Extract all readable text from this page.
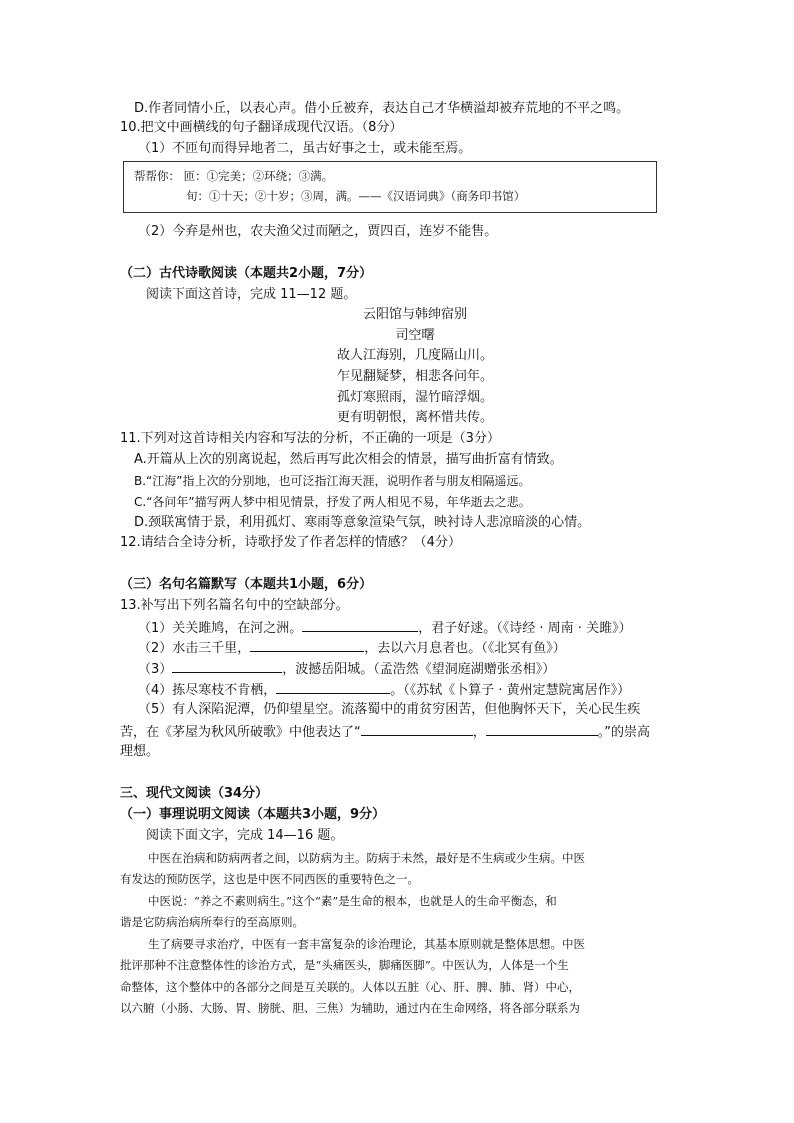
D.作者同情小丘，以表心声。借小丘被弃，表达自己才华横溢却被弃荒地的不平之鸣。
10.把文中画横线的句子翻译成现代汉语。（8分）
（1）不匝旬而得异地者二，虽古好事之士，或未能至焉。
帮帮你： 匝：①完美；②环绕；③满。
旬：①十天；②十岁；③周，满。——《汉语词典》（商务印书馆）
（2）今弃是州也，农夫渔父过而陋之，贾四百，连岁不能售。
（二）古代诗歌阅读（本题共2小题，7分）
阅读下面这首诗，完成 11—12 题。
云阳馆与韩绅宿别
司空曙
故人江海别，几度隔山川。
乍见翻疑梦，相悲各问年。
孤灯寒照雨，湿竹暗浮烟。
更有明朝恨，离杯惜共传。
11.下列对这首诗相关内容和写法的分析，不正确的一项是（3分）
A.开篇从上次的别离说起，然后再写此次相会的情景，描写曲折富有情致。
B.“江海”指上次的分别地，也可泛指江海天涯，说明作者与朋友相隔遥远。
C.“各问年”描写两人梦中相见情景，抒发了两人相见不易，年华逝去之悲。
D.颈联寓情于景，利用孤灯、寒雨等意象渲染气氛，映衬诗人悲凉暗淡的心情。
12.请结合全诗分析，诗歌抒发了作者怎样的情感？（4分）
（三）名句名篇默写（本题共1小题，6分）
13.补写出下列名篇名句中的空缺部分。
（1）关关雎鸠，在河之洲。	，君子好逑。（《诗经 · 周南 · 关雎》）
（2）水击三千里，	，去以六月息者也。（《北冥有鱼》）
（3）	，波撼岳阳城。（孟浩然《望洞庭湖赠张丞相》）
（4）拣尽寒枝不肯栖，	。（《苏轼《卜算子 · 黄州定慧院寓居作》）
（5）有人深陷泥潭，仍仰望星空。流落蜀中的甫贫穷困苦，但他胸怀天下，关心民生疾
苦，在《茅屋为秋风所破歌》中他表达了“	，	。”的崇高
理想。
三、现代文阅读（34分）
（一）事理说明文阅读（本题共3小题，9分）
阅读下面文字，完成 14—16 题。
中医在治病和防病两者之间，以防病为主。防病于未然，最好是不生病或少生病。中医
有发达的预防医学，这也是中医不同西医的重要特色之一。
中医说：“养之不素则病生。”这个“素”是生命的根本，也就是人的生命平衡态，和
谐是它防病治病所奉行的至高原则。
生了病要寻求治疗，中医有一套丰富复杂的诊治理论，其基本原则就是整体思想。中医
批评那种不注意整体性的诊治方式，是“头痛医头，脚痛医脚”。中医认为，人体是一个生
命整体，这个整体中的各部分之间是互关联的。人体以五脏（心、肝、脾、肺、肾）中心，
以六腑（小肠、大肠、胃、膀胱、胆、三焦）为辅助，通过内在生命网络，将各部分联系为
